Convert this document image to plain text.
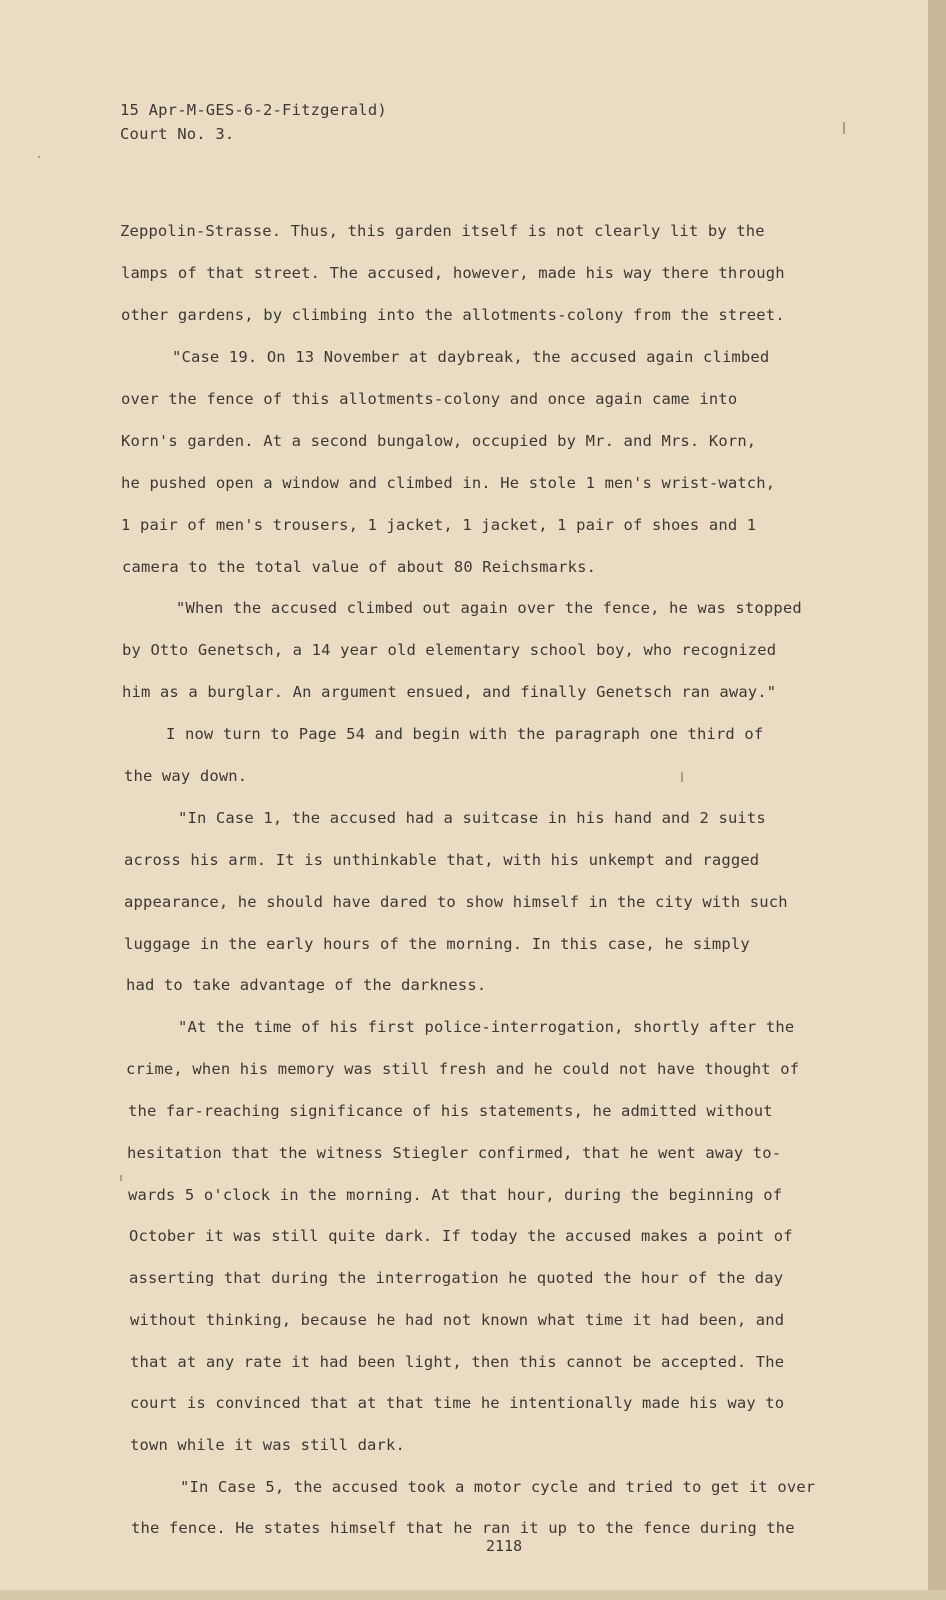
15 Apr-M-GES-6-2-Fitzgerald)
Court No. 3.
Zeppolin-Strasse. Thus, this garden itself is not clearly lit by the
lamps of that street. The accused, however, made his way there through
other gardens, by climbing into the allotments-colony from the street.
"Case 19. On 13 November at daybreak, the accused again climbed
over the fence of this allotments-colony and once again came into
Korn's garden. At a second bungalow, occupied by Mr. and Mrs. Korn,
he pushed open a window and climbed in. He stole 1 men's wrist-watch,
1 pair of men's trousers, 1 jacket, 1 jacket, 1 pair of shoes and 1
camera to the total value of about 80 Reichsmarks.
"When the accused climbed out again over the fence, he was stopped
by Otto Genetsch, a 14 year old elementary school boy, who recognized
him as a burglar. An argument ensued, and finally Genetsch ran away."
I now turn to Page 54 and begin with the paragraph one third of
the way down.
"In Case 1, the accused had a suitcase in his hand and 2 suits
across his arm. It is unthinkable that, with his unkempt and ragged
appearance, he should have dared to show himself in the city with such
luggage in the early hours of the morning. In this case, he simply
had to take advantage of the darkness.
"At the time of his first police-interrogation, shortly after the
crime, when his memory was still fresh and he could not have thought of
the far-reaching significance of his statements, he admitted without
hesitation that the witness Stiegler confirmed, that he went away to-
wards 5 o'clock in the morning. At that hour, during the beginning of
October it was still quite dark. If today the accused makes a point of
asserting that during the interrogation he quoted the hour of the day
without thinking, because he had not known what time it had been, and
that at any rate it had been light, then this cannot be accepted. The
court is convinced that at that time he intentionally made his way to
town while it was still dark.
"In Case 5, the accused took a motor cycle and tried to get it over
the fence. He states himself that he ran it up to the fence during the
2118
